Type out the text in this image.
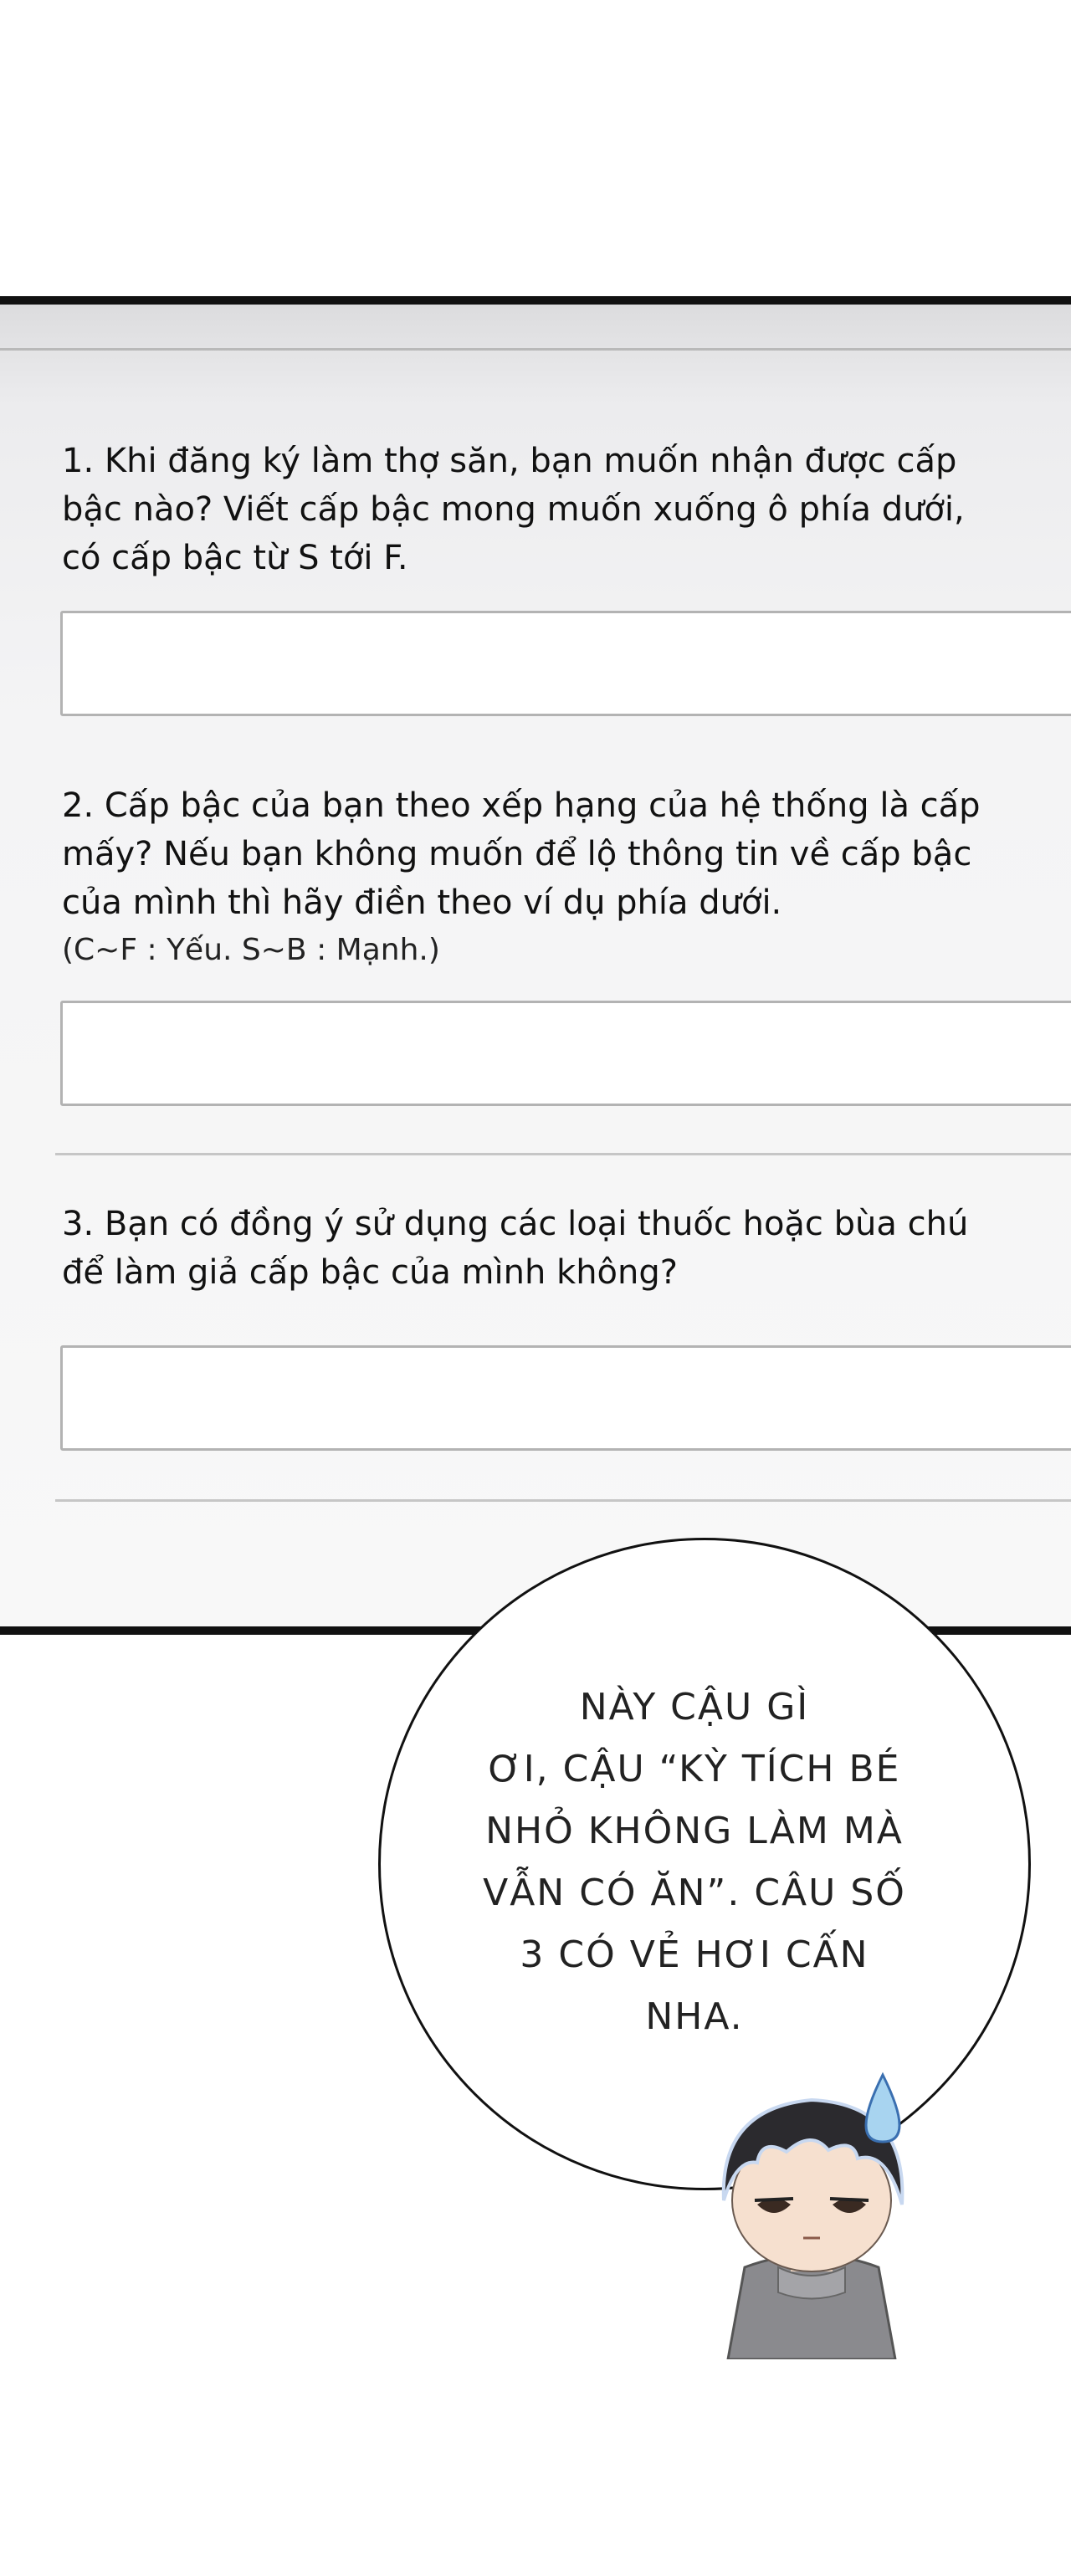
1. Khi đăng ký làm thợ săn, bạn muốn nhận được cấp
bậc nào? Viết cấp bậc mong muốn xuống ô phía dưới,
có cấp bậc từ S tới F.
2. Cấp bậc của bạn theo xếp hạng của hệ thống là cấp
mấy? Nếu bạn không muốn để lộ thông tin về cấp bậc
của mình thì hãy điền theo ví dụ phía dưới.
(C~F : Yếu. S~B : Mạnh.)
3. Bạn có đồng ý sử dụng các loại thuốc hoặc bùa chú
để làm giả cấp bậc của mình không?
NÀY CẬU GÌ
ƠI, CẬU “KỲ TÍCH BÉ
NHỎ KHÔNG LÀM MÀ
VẪN CÓ ĂN”. CÂU SỐ
3 CÓ VẺ HƠI CẤN
NHA.
